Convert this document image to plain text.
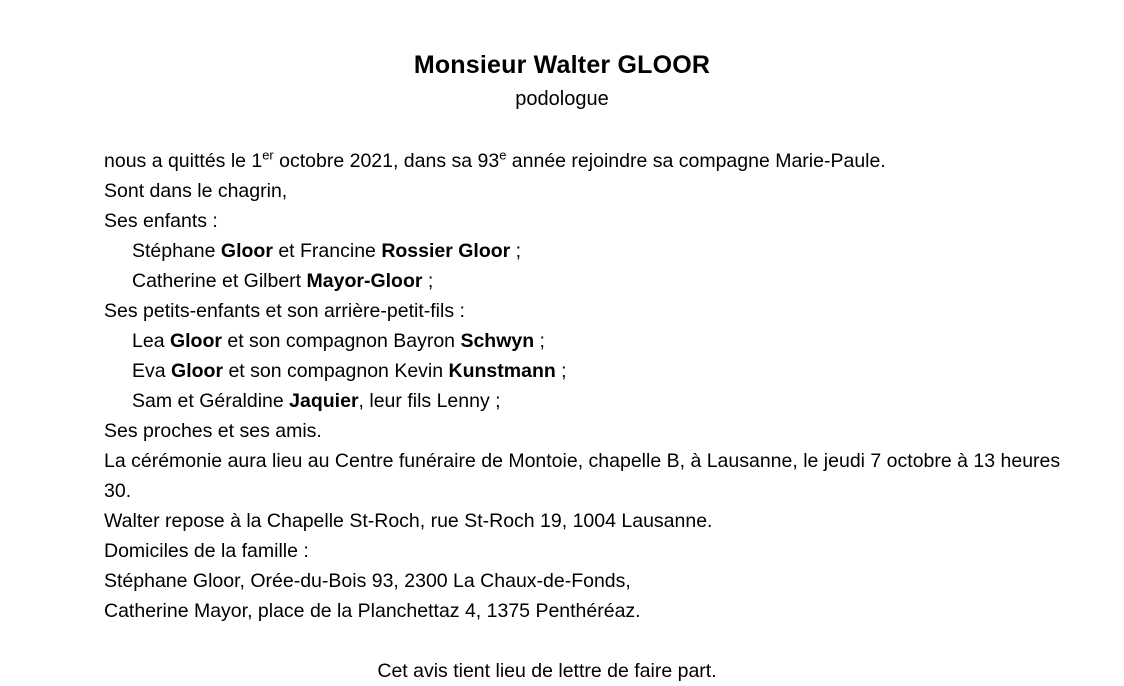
Monsieur Walter GLOOR
podologue
nous a quittés le 1er octobre 2021, dans sa 93e année rejoindre sa compagne Marie-Paule.
Sont dans le chagrin,
Ses enfants :
Stéphane Gloor et Francine Rossier Gloor ;
Catherine et Gilbert Mayor-Gloor ;
Ses petits-enfants et son arrière-petit-fils :
Lea Gloor et son compagnon Bayron Schwyn ;
Eva Gloor et son compagnon Kevin Kunstmann ;
Sam et Géraldine Jaquier, leur fils Lenny ;
Ses proches et ses amis.
La cérémonie aura lieu au Centre funéraire de Montoie, chapelle B, à Lausanne, le jeudi 7 octobre à 13 heures 30.
Walter repose à la Chapelle St-Roch, rue St-Roch 19, 1004 Lausanne.
Domiciles de la famille :
Stéphane Gloor, Orée-du-Bois 93, 2300 La Chaux-de-Fonds,
Catherine Mayor, place de la Planchettaz 4, 1375 Penthéréaz.
Cet avis tient lieu de lettre de faire part.
